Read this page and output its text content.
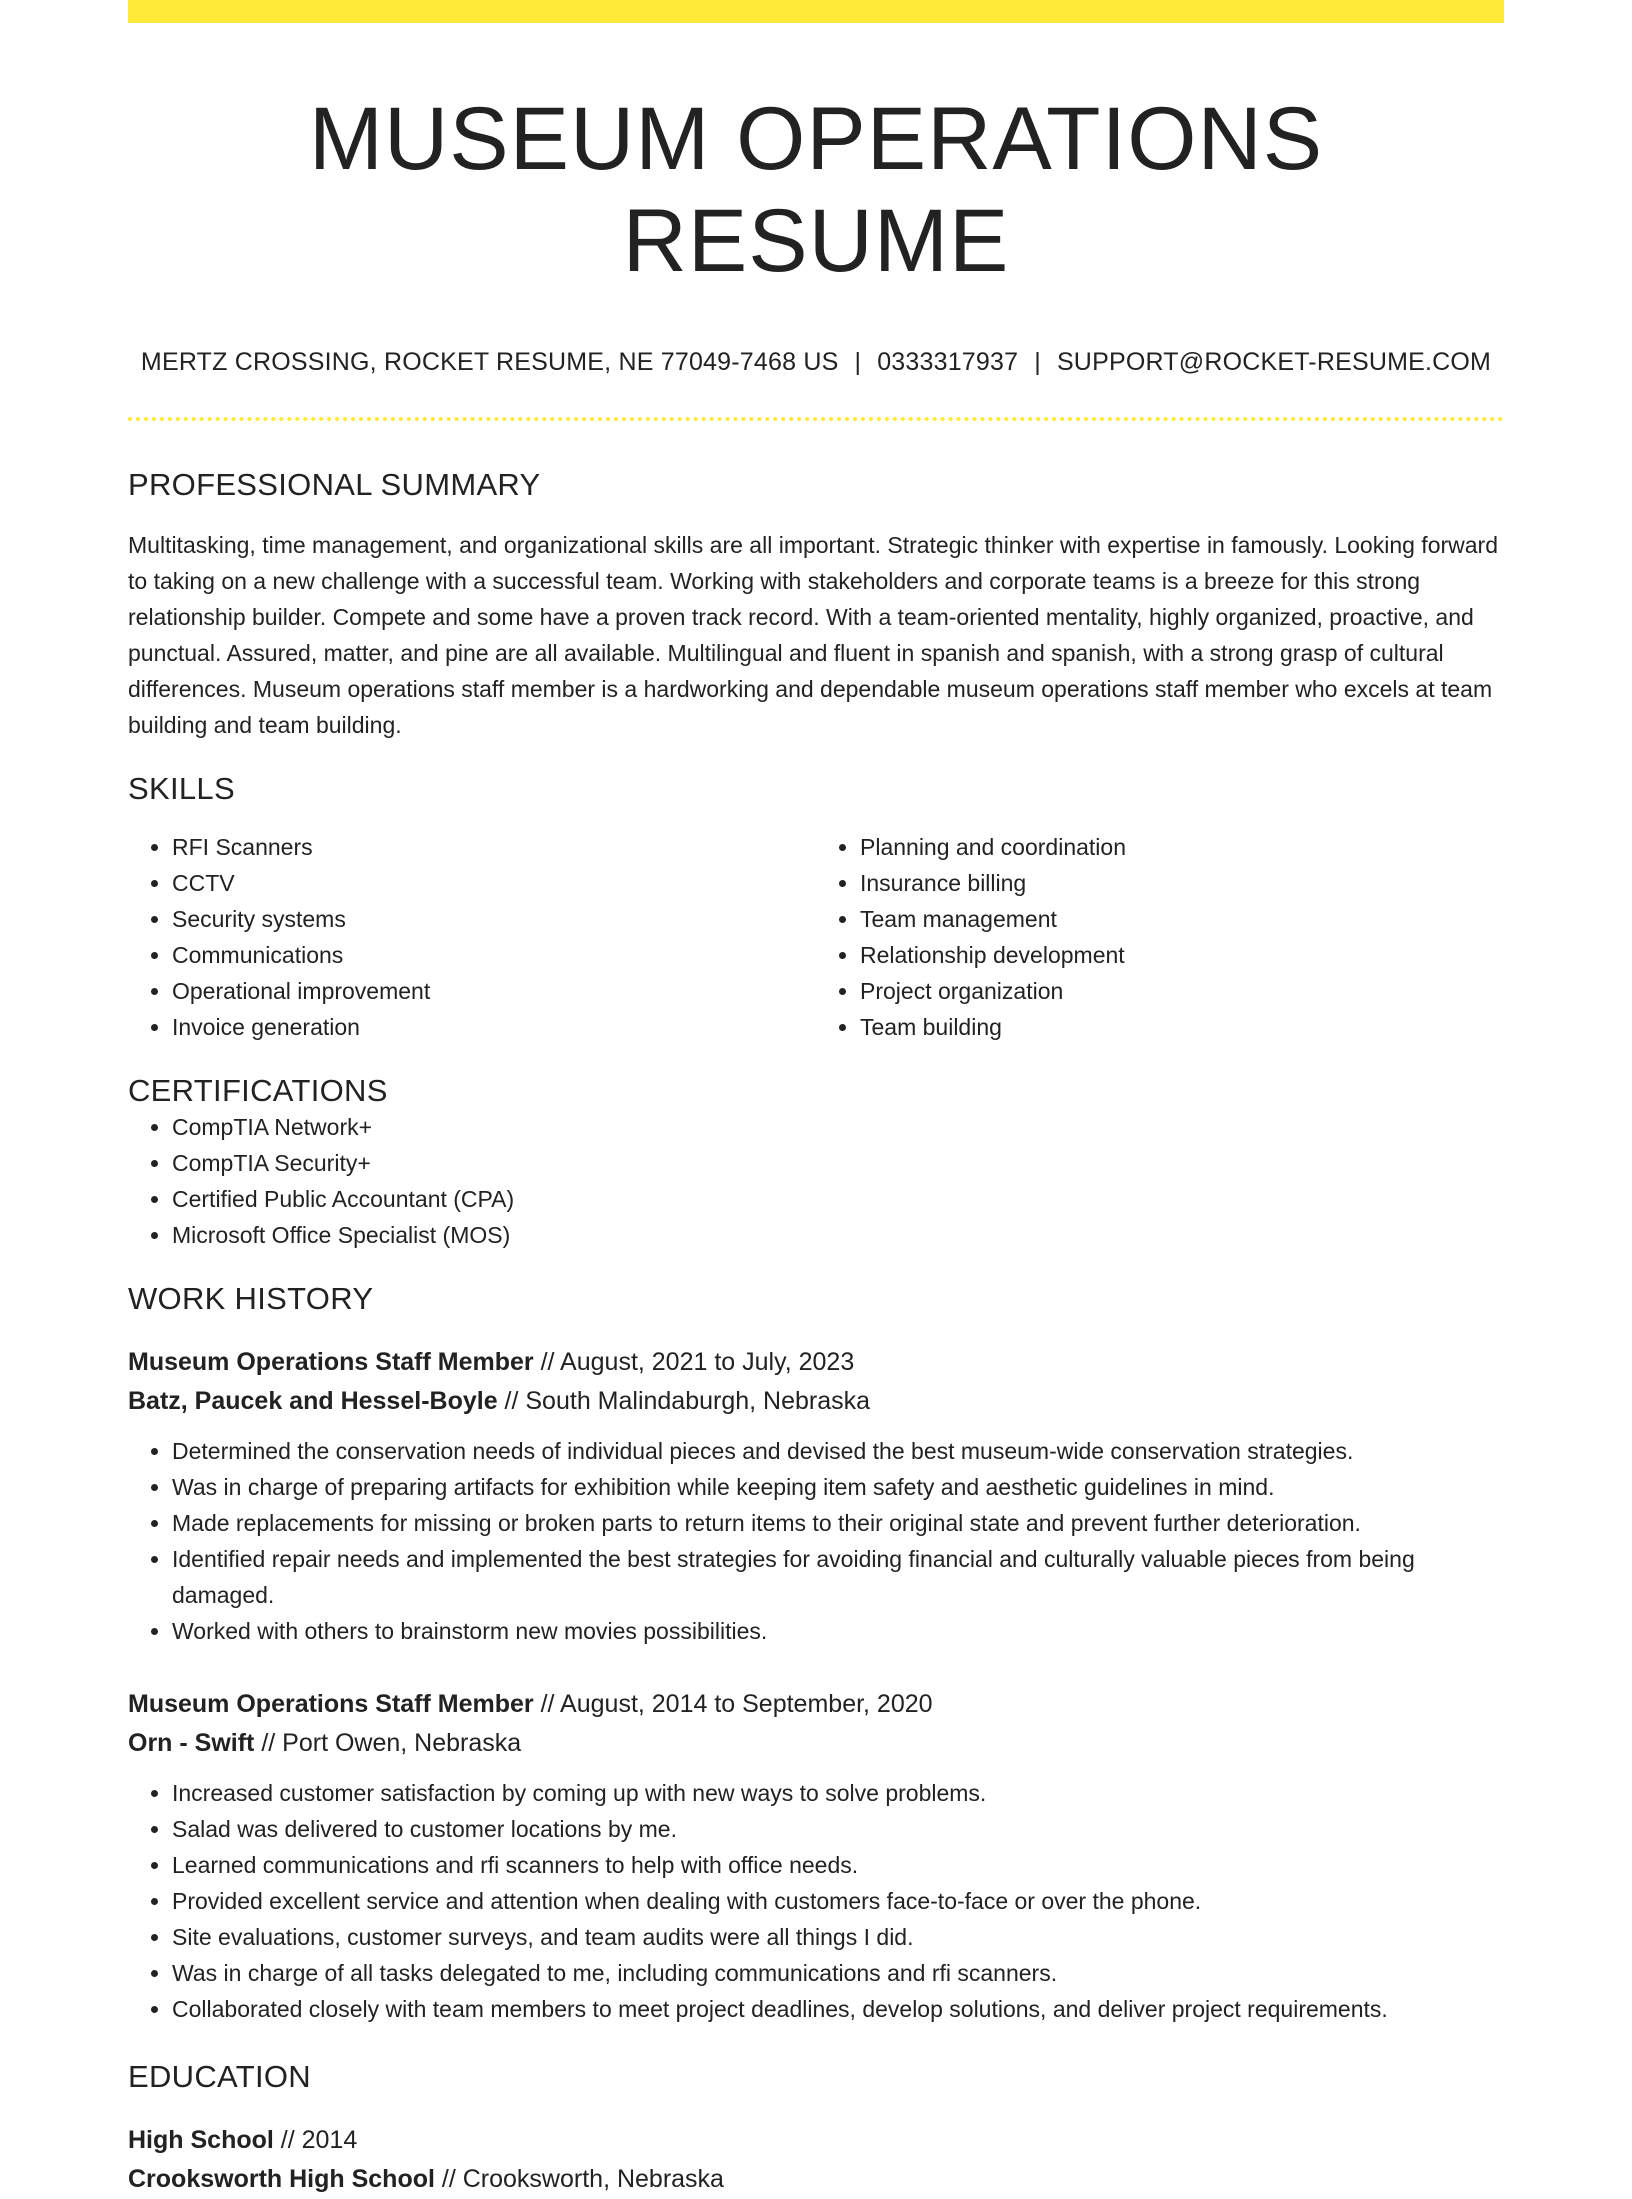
MUSEUM OPERATIONS RESUME
MERTZ CROSSING, ROCKET RESUME, NE 77049-7468 US | 0333317937 | SUPPORT@ROCKET-RESUME.COM
PROFESSIONAL SUMMARY

Multitasking, time management, and organizational skills are all important. Strategic thinker with expertise in famously. Looking forward to taking on a new challenge with a successful team. Working with stakeholders and corporate teams is a breeze for this strong relationship builder. Compete and some have a proven track record. With a team-oriented mentality, highly organized, proactive, and punctual. Assured, matter, and pine are all available. Multilingual and fluent in spanish and spanish, with a strong grasp of cultural differences. Museum operations staff member is a hardworking and dependable museum operations staff member who excels at team building and team building.

SKILLS
• RFI Scanners
• CCTV
• Security systems
• Communications
• Operational improvement
• Invoice generation
• Planning and coordination
• Insurance billing
• Team management
• Relationship development
• Project organization
• Team building
CERTIFICATIONS
• CompTIA Network+
• CompTIA Security+
• Certified Public Accountant (CPA)
• Microsoft Office Specialist (MOS)
WORK HISTORY
Museum Operations Staff Member // August, 2021 to July, 2023
Batz, Paucek and Hessel-Boyle // South Malindaburgh, Nebraska
• Determined the conservation needs of individual pieces and devised the best museum-wide conservation strategies.
• Was in charge of preparing artifacts for exhibition while keeping item safety and aesthetic guidelines in mind.
• Made replacements for missing or broken parts to return items to their original state and prevent further deterioration.
• Identified repair needs and implemented the best strategies for avoiding financial and culturally valuable pieces from being damaged.
• Worked with others to brainstorm new movies possibilities.
Museum Operations Staff Member // August, 2014 to September, 2020
Orn - Swift // Port Owen, Nebraska
• Increased customer satisfaction by coming up with new ways to solve problems.
• Salad was delivered to customer locations by me.
• Learned communications and rfi scanners to help with office needs.
• Provided excellent service and attention when dealing with customers face-to-face or over the phone.
• Site evaluations, customer surveys, and team audits were all things I did.
• Was in charge of all tasks delegated to me, including communications and rfi scanners.
• Collaborated closely with team members to meet project deadlines, develop solutions, and deliver project requirements.
EDUCATION
High School // 2014
Crooksworth High School // Crooksworth, Nebraska
